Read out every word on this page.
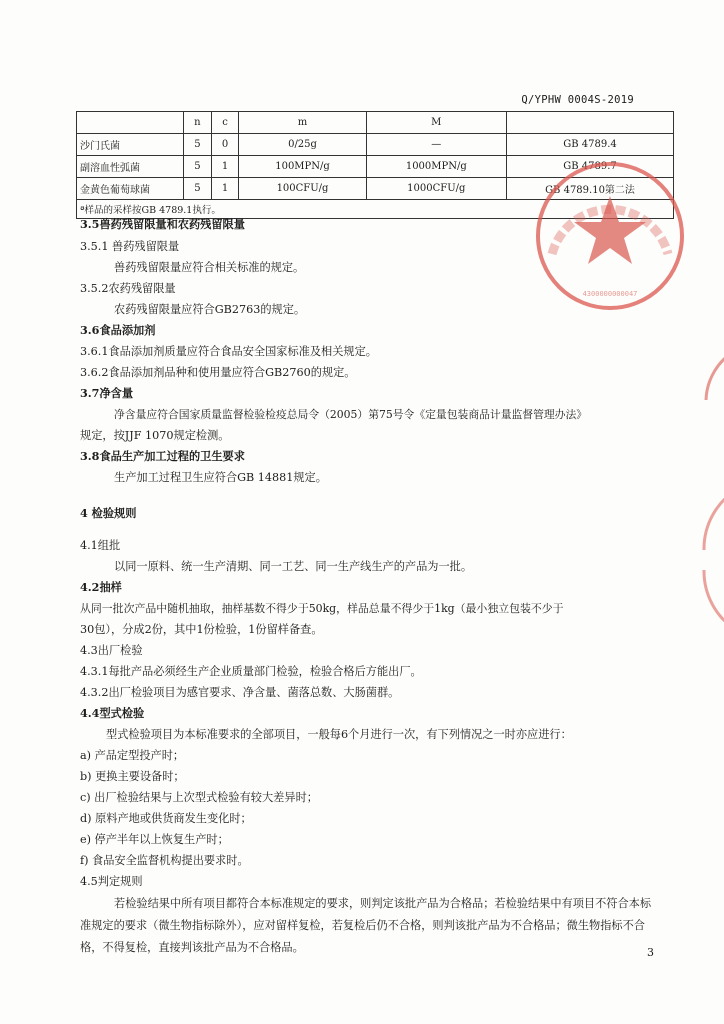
Q/YPHW 0004S-2019
	n	c	m	M	
沙门氏菌	5	0	0/25g	—	GB 4789.4
副溶血性弧菌	5	1	100MPN/g	1000MPN/g	GB 4789.7
金黄色葡萄球菌	5	1	100CFU/g	1000CFU/g	GB 4789.10第二法
ª样品的采样按GB 4789.1执行。					
3.5兽药残留限量和农药残留限量
3.5.1 兽药残留限量
兽药残留限量应符合相关标准的规定。
3.5.2农药残留限量
农药残留限量应符合GB2763的规定。
3.6食品添加剂
3.6.1食品添加剂质量应符合食品安全国家标准及相关规定。
3.6.2食品添加剂品种和使用量应符合GB2760的规定。
3.7净含量
净含量应符合国家质量监督检验检疫总局令（2005）第75号令《定量包装商品计量监督管理办法》
规定，按JJF 1070规定检测。
3.8食品生产加工过程的卫生要求
生产加工过程卫生应符合GB 14881规定。
4 检验规则
4.1组批
以同一原料、统一生产清期、同一工艺、同一生产线生产的产品为一批。
4.2抽样
从同一批次产品中随机抽取，抽样基数不得少于50kg，样品总量不得少于1kg（最小独立包装不少于
30包），分成2份，其中1份检验，1份留样备查。
4.3出厂检验
4.3.1每批产品必须经生产企业质量部门检验，检验合格后方能出厂。
4.3.2出厂检验项目为感官要求、净含量、菌落总数、大肠菌群。
4.4型式检验
型式检验项目为本标准要求的全部项目，一般每6个月进行一次，有下列情况之一时亦应进行：
a) 产品定型投产时；
b) 更换主要设备时；
c) 出厂检验结果与上次型式检验有较大差异时；
d) 原料产地或供货商发生变化时；
e) 停产半年以上恢复生产时；
f) 食品安全监督机构提出要求时。
4.5判定规则
若检验结果中所有项目都符合本标准规定的要求，则判定该批产品为合格品；若检验结果中有项目不符合本标准规定的要求（微生物指标除外），应对留样复检，若复检后仍不合格，则判该批产品为不合格品；微生物指标不合格，不得复检，直接判该批产品为不合格品。	3
4300000000047
